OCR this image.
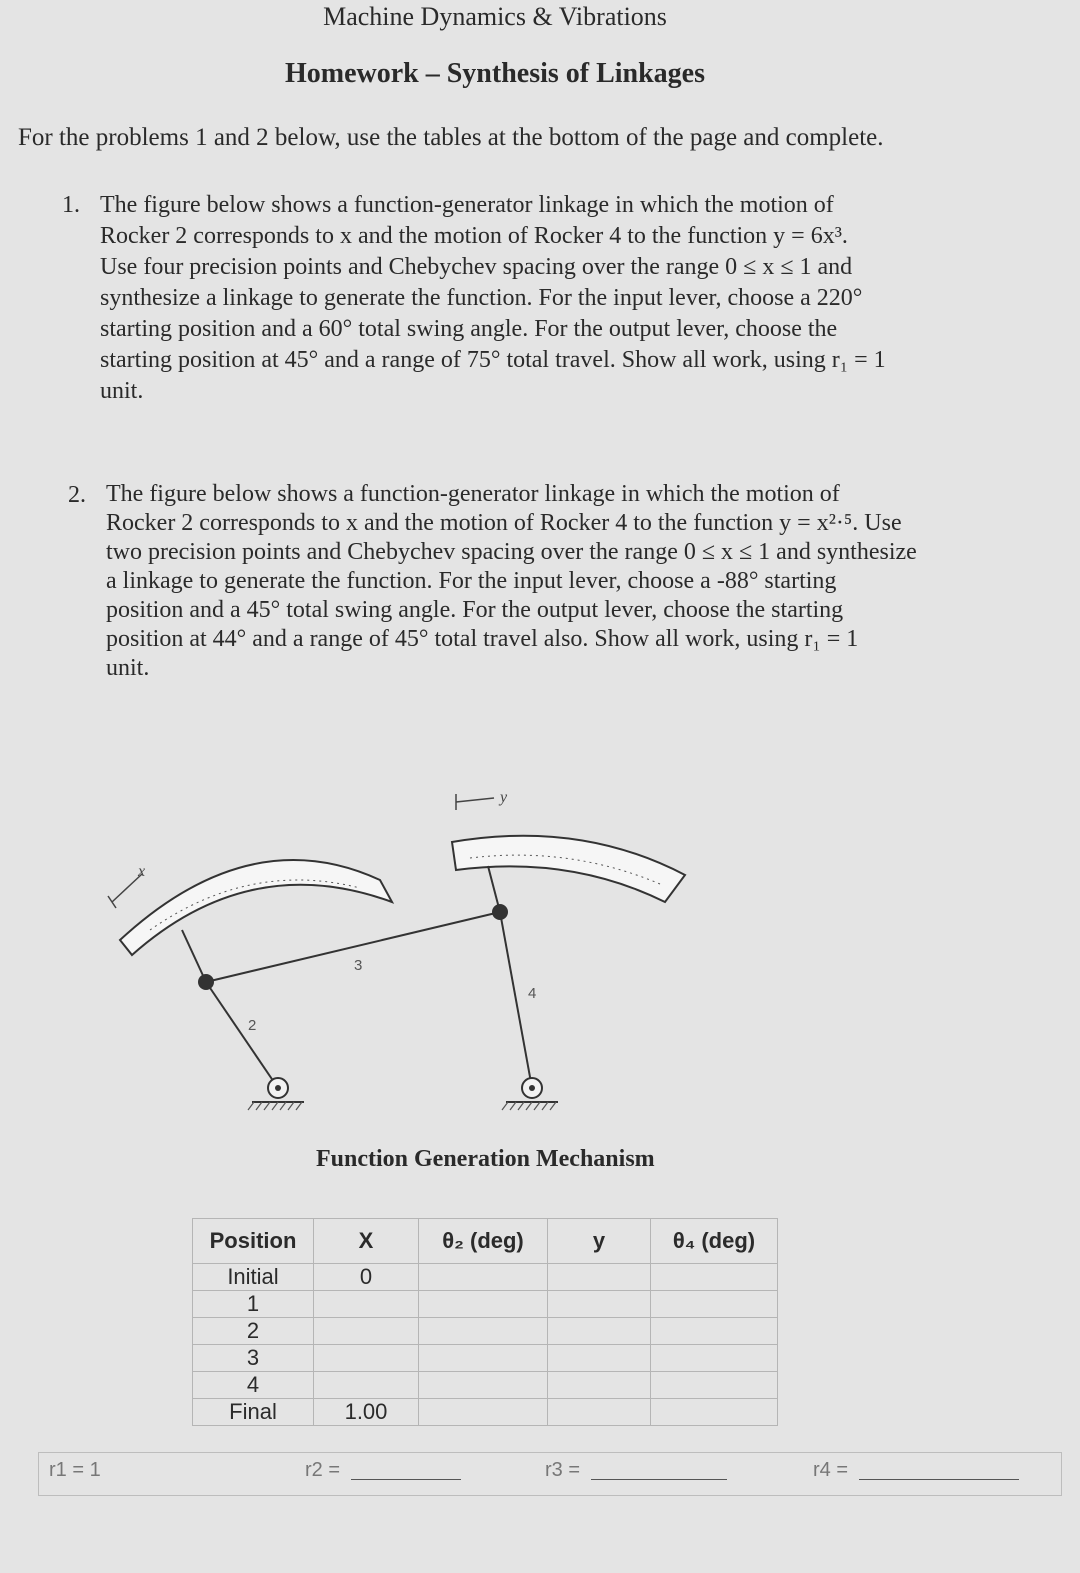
Machine Dynamics & Vibrations
Homework – Synthesis of Linkages
For the problems 1 and 2 below, use the tables at the bottom of the page and complete.
1. The figure below shows a function-generator linkage in which the motion of
Rocker 2 corresponds to x and the motion of Rocker 4 to the function y = 6x³.
Use four precision points and Chebychev spacing over the range 0 ≤ x ≤ 1 and
synthesize a linkage to generate the function. For the input lever, choose a 220°
starting position and a 60° total swing angle. For the output lever, choose the
starting position at 45° and a range of 75° total travel. Show all work, using r₁ = 1
unit.
2. The figure below shows a function-generator linkage in which the motion of
Rocker 2 corresponds to x and the motion of Rocker 4 to the function y = x²·⁵. Use
two precision points and Chebychev spacing over the range 0 ≤ x ≤ 1 and synthesize
a linkage to generate the function. For the input lever, choose a -88° starting
position and a 45° total swing angle. For the output lever, choose the starting
position at 44° and a range of 45° total travel also. Show all work, using r₁ = 1
unit.
x
y
2
3
4
Function Generation Mechanism
Position	X	θ₂ (deg)	y	θ₄ (deg)
Initial	0			
1				
2				
3				
4				
Final	1.00			
r1 = 1	r2 =	r3 =	r4 =
